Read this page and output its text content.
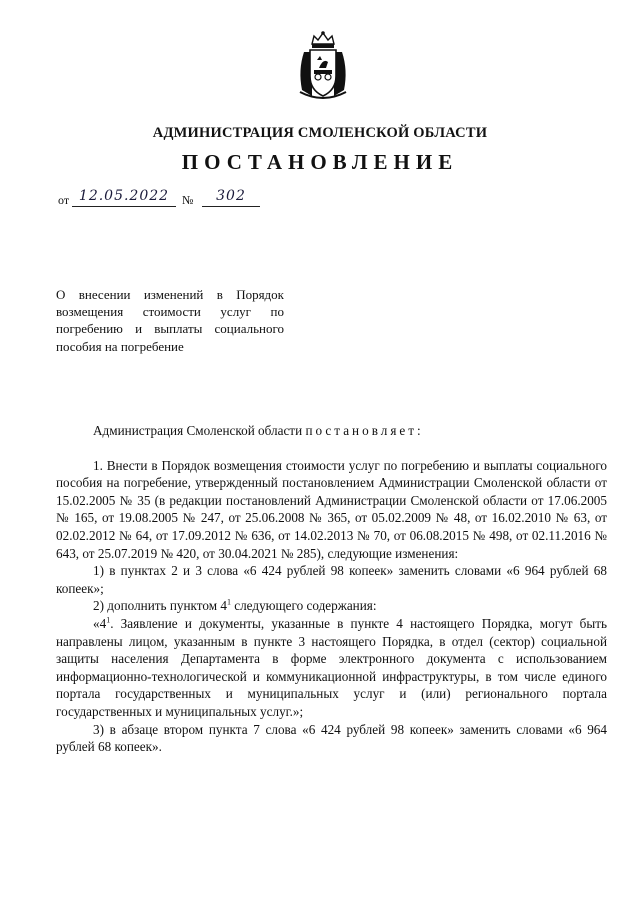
АДМИНИСТРАЦИЯ СМОЛЕНСКОЙ ОБЛАСТИ
ПОСТАНОВЛЕНИЕ
от 12.05.2022	№	302
О внесении изменений в Порядок возмещения стоимости услуг по погребению и выплаты социального пособия на погребение

Администрация Смоленской области постановляет:

1. Внести в Порядок возмещения стоимости услуг по погребению и выплаты социального пособия на погребение, утвержденный постановлением Администрации Смоленской области от 15.02.2005 № 35 (в редакции постановлений Администрации Смоленской области от 17.06.2005 № 165, от 19.08.2005 № 247, от 25.06.2008 № 365, от 05.02.2009 № 48, от 16.02.2010 № 63, от 02.02.2012 № 64, от 17.09.2012 № 636, от 14.02.2013 № 70, от 06.08.2015 № 498, от 02.11.2016 № 643, от 25.07.2019 № 420, от 30.04.2021 № 285), следующие изменения:

1) в пунктах 2 и 3 слова «6 424 рублей 98 копеек» заменить словами «6 964 рублей 68 копеек»;

2) дополнить пунктом $4^1$ следующего содержания:

«$4^1$. Заявление и документы, указанные в пункте 4 настоящего Порядка, могут быть направлены лицом, указанным в пункте 3 настоящего Порядка, в отдел (сектор) социальной защиты населения Департамента в форме электронного документа с использованием информационно-технологической и коммуникационной инфраструктуры, в том числе единого портала государственных и муниципальных услуг и (или) регионального портала государственных и муниципальных услуг.»;

3) в абзаце втором пункта 7 слова «6 424 рублей 98 копеек» заменить словами «6 964 рублей 68 копеек».
